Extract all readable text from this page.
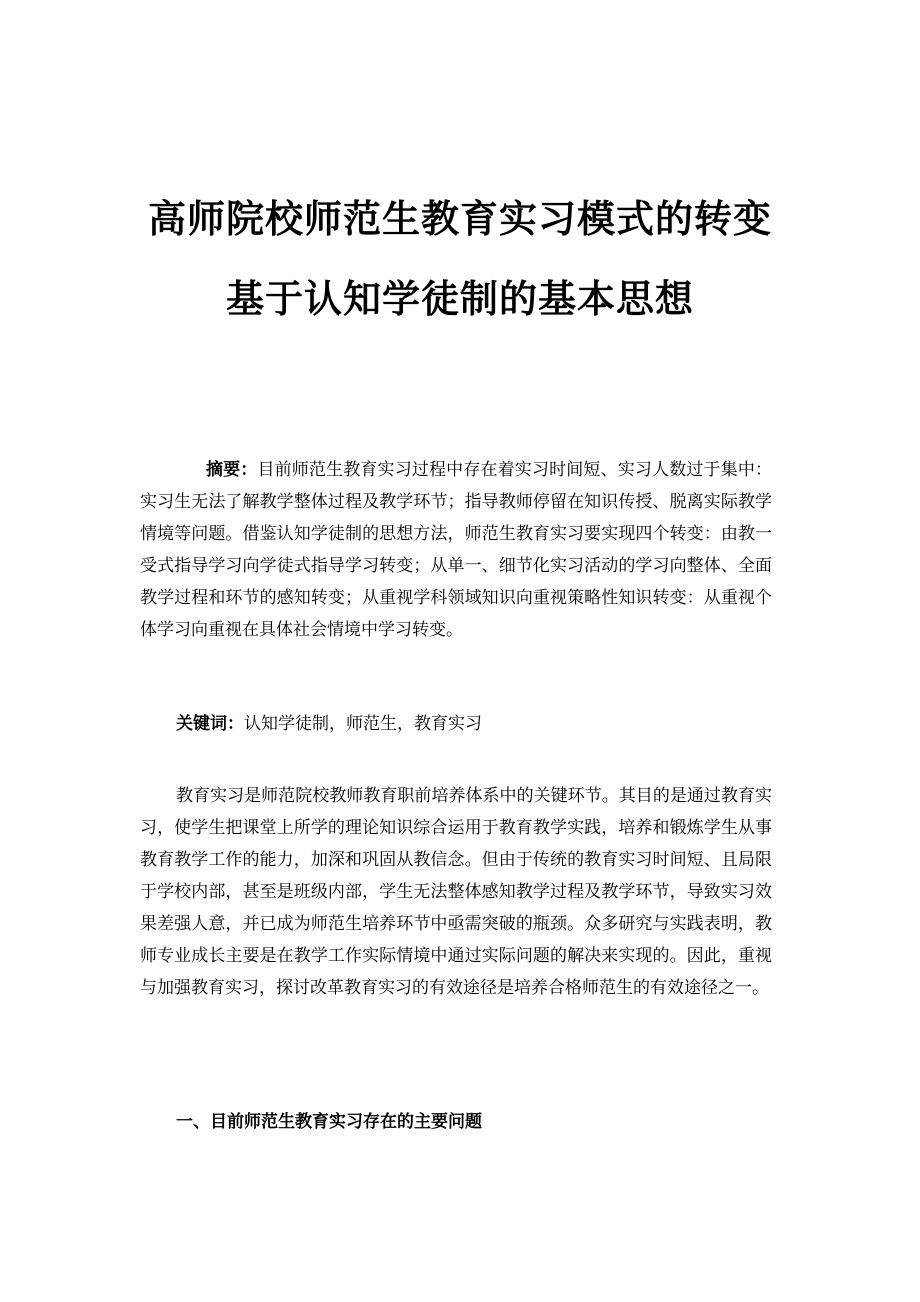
高师院校师范生教育实习模式的转变
基于认知学徒制的基本思想

摘要：目前师范生教育实习过程中存在着实习时间短、实习人数过于集中：实习生无法了解教学整体过程及教学环节；指导教师停留在知识传授、脱离实际教学情境等问题。借鉴认知学徒制的思想方法，师范生教育实习要实现四个转变：由教一受式指导学习向学徒式指导学习转变；从单一、细节化实习活动的学习向整体、全面教学过程和环节的感知转变；从重视学科领域知识向重视策略性知识转变：从重视个体学习向重视在具体社会情境中学习转变。

关键词：认知学徒制，师范生，教育实习

教育实习是师范院校教师教育职前培养体系中的关键环节。其目的是通过教育实习，使学生把课堂上所学的理论知识综合运用于教育教学实践，培养和锻炼学生从事教育教学工作的能力，加深和巩固从教信念。但由于传统的教育实习时间短、且局限于学校内部，甚至是班级内部，学生无法整体感知教学过程及教学环节，导致实习效果差强人意，并已成为师范生培养环节中亟需突破的瓶颈。众多研究与实践表明，教师专业成长主要是在教学工作实际情境中通过实际问题的解决来实现的。因此，重视与加强教育实习，探讨改革教育实习的有效途径是培养合格师范生的有效途径之一。

一、目前师范生教育实习存在的主要问题
